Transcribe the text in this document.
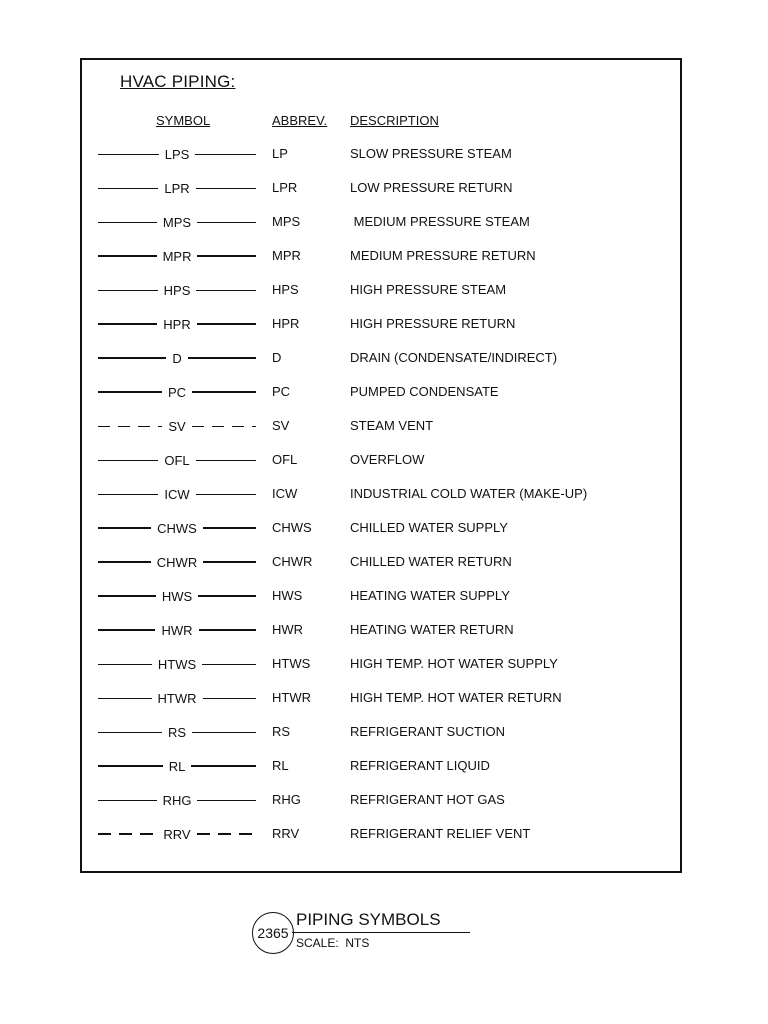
HVAC PIPING:
SYMBOL	ABBREV. DESCRIPTION
LPS	LP	SLOW PRESSURE STEAM
LPR	LPR	LOW PRESSURE RETURN
MPS	MPS	MEDIUM PRESSURE STEAM
MPR	MPR	MEDIUM PRESSURE RETURN
HPS	HPS	HIGH PRESSURE STEAM
HPR	HPR	HIGH PRESSURE RETURN
D	D	DRAIN (CONDENSATE/INDIRECT)
PC	PC	PUMPED CONDENSATE
SV	SV	STEAM VENT
OFL	OFL	OVERFLOW
ICW	ICW	INDUSTRIAL COLD WATER (MAKE-UP)
CHWS	CHWS	CHILLED WATER SUPPLY
CHWR	CHWR	CHILLED WATER RETURN
HWS	HWS	HEATING WATER SUPPLY
HWR	HWR	HEATING WATER RETURN
HTWS	HTWS	HIGH TEMP. HOT WATER SUPPLY
HTWR	HTWR	HIGH TEMP. HOT WATER RETURN
RS	RS	REFRIGERANT SUCTION
RL	RL	REFRIGERANT LIQUID
RHG	RHG	REFRIGERANT HOT GAS
RRV	RRV	REFRIGERANT RELIEF VENT
2365
PIPING SYMBOLS
SCALE:  NTS
